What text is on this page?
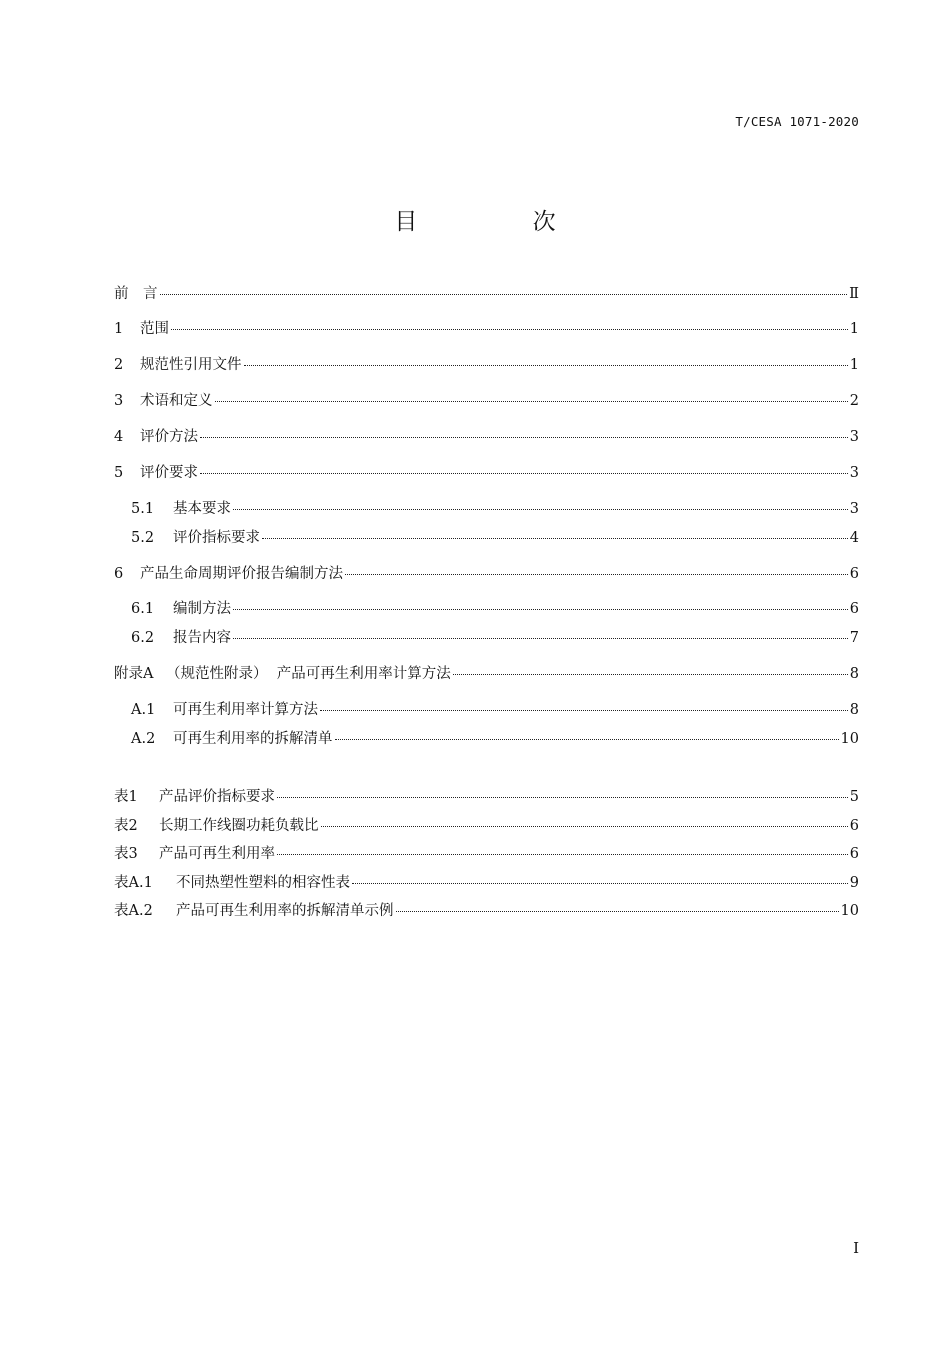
T/CESA 1071-2020
目 次
前　言	Ⅱ
1	范围	1
2	规范性引用文件	1
3	术语和定义	2
4	评价方法	3
5	评价要求	3
5.1	基本要求	3
5.2	评价指标要求	4
6	产品生命周期评价报告编制方法	6
6.1	编制方法	6
6.2	报告内容	7
附录A （规范性附录）  产品可再生利用率计算方法	8
A.1	可再生利用率计算方法	8
A.2	可再生利用率的拆解清单	10
表1	产品评价指标要求	5
表2	长期工作线圈功耗负载比	6
表3	产品可再生利用率	6
表A.1	不同热塑性塑料的相容性表	9
表A.2	产品可再生利用率的拆解清单示例	10
I
